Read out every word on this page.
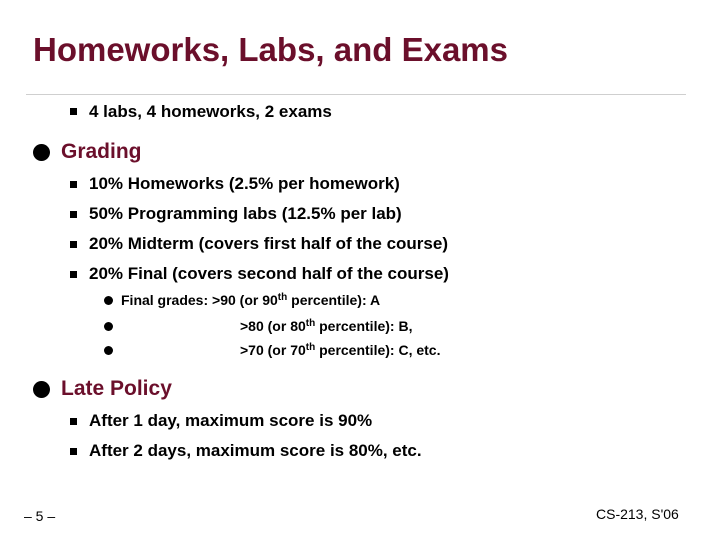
Homeworks, Labs, and Exams
4 labs, 4 homeworks, 2 exams
Grading
10% Homeworks (2.5% per homework)
50% Programming labs (12.5% per lab)
20% Midterm (covers first half of the course)
20% Final (covers second half of the course)
Final grades: >90 (or 90th percentile): A
>80 (or 80th percentile): B,
>70 (or 70th percentile): C, etc.
Late Policy
After 1 day, maximum score is 90%
After 2 days, maximum score is 80%, etc.
– 5 –	CS-213, S'06
